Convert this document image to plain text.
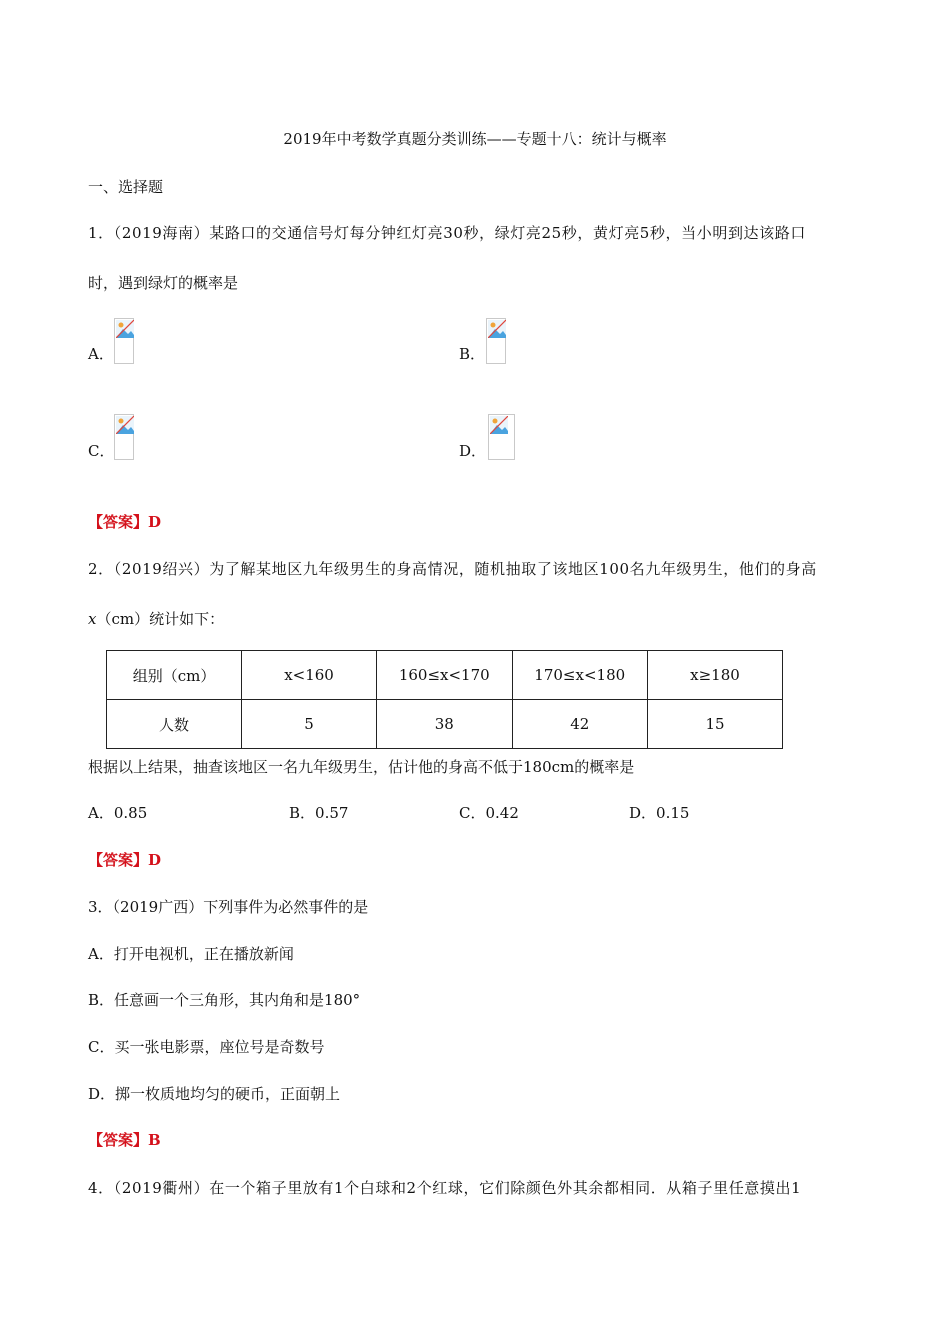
2019年中考数学真题分类训练——专题十八：统计与概率
一、选择题
1．（2019海南）某路口的交通信号灯每分钟红灯亮30秒，绿灯亮25秒，黄灯亮5秒，当小明到达该路口
时，遇到绿灯的概率是
A．	B．
C．	D．
【答案】D
2．（2019绍兴）为了解某地区九年级男生的身高情况，随机抽取了该地区100名九年级男生，他们的身高
x（cm）统计如下：
组别（cm）	x<160	160≤x<170	170≤x<180	x≥180
人数	5	38	42	15
根据以上结果，抽查该地区一名九年级男生，估计他的身高不低于180cm的概率是
A．0.85	B．0.57	C．0.42	D．0.15
【答案】D
3．（2019广西）下列事件为必然事件的是
A．打开电视机，正在播放新闻
B．任意画一个三角形，其内角和是180°
C．买一张电影票，座位号是奇数号
D．掷一枚质地均匀的硬币，正面朝上
【答案】B
4．（2019衢州）在一个箱子里放有1个白球和2个红球，它们除颜色外其余都相同．从箱子里任意摸出1
